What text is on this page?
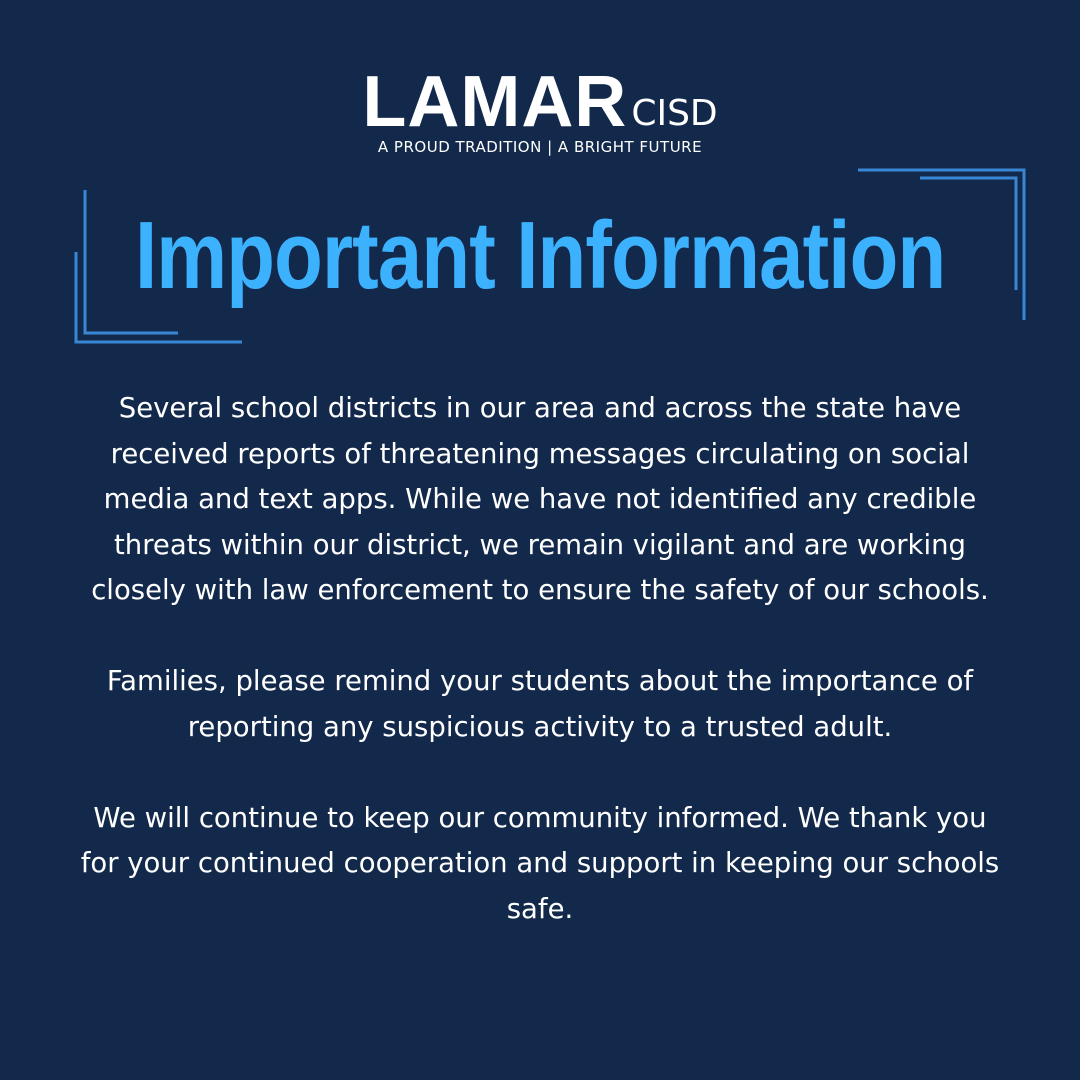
LAMAR CISD
A PROUD TRADITION | A BRIGHT FUTURE
Important Information

Several school districts in our area and across the state have received reports of threatening messages circulating on social media and text apps. While we have not identified any credible threats within our district, we remain vigilant and are working closely with law enforcement to ensure the safety of our schools.

Families, please remind your students about the importance of reporting any suspicious activity to a trusted adult.

We will continue to keep our community informed. We thank you for your continued cooperation and support in keeping our schools safe.
